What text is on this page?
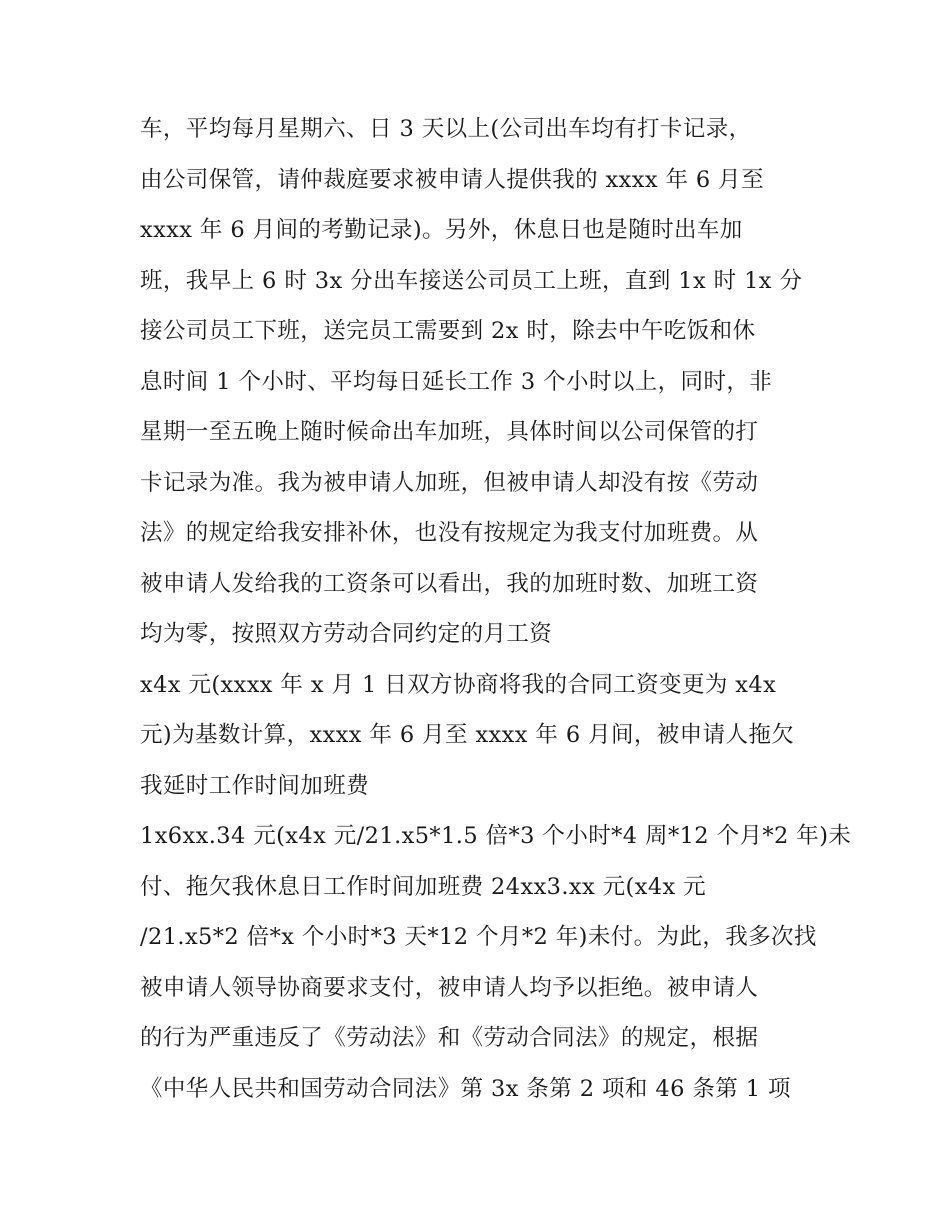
车，平均每月星期六、日 3 天以上(公司出车均有打卡记录，
由公司保管，请仲裁庭要求被申请人提供我的 xxxx 年 6 月至
xxxx 年 6 月间的考勤记录)。另外，休息日也是随时出车加
班，我早上 6 时 3x 分出车接送公司员工上班，直到 1x 时 1x 分
接公司员工下班，送完员工需要到 2x 时，除去中午吃饭和休
息时间 1 个小时、平均每日延长工作 3 个小时以上，同时，非
星期一至五晚上随时候命出车加班，具体时间以公司保管的打
卡记录为准。我为被申请人加班，但被申请人却没有按《劳动
法》的规定给我安排补休，也没有按规定为我支付加班费。从
被申请人发给我的工资条可以看出，我的加班时数、加班工资
均为零，按照双方劳动合同约定的月工资
x4x 元(xxxx 年 x 月 1 日双方协商将我的合同工资变更为 x4x
元)为基数计算，xxxx 年 6 月至 xxxx 年 6 月间，被申请人拖欠
我延时工作时间加班费
1x6xx.34 元(x4x 元/21.x5*1.5 倍*3 个小时*4 周*12 个月*2 年)未
付、拖欠我休息日工作时间加班费 24xx3.xx 元(x4x 元
/21.x5*2 倍*x 个小时*3 天*12 个月*2 年)未付。为此，我多次找
被申请人领导协商要求支付，被申请人均予以拒绝。被申请人
的行为严重违反了《劳动法》和《劳动合同法》的规定，根据
《中华人民共和国劳动合同法》第 3x 条第 2 项和 46 条第 1 项
